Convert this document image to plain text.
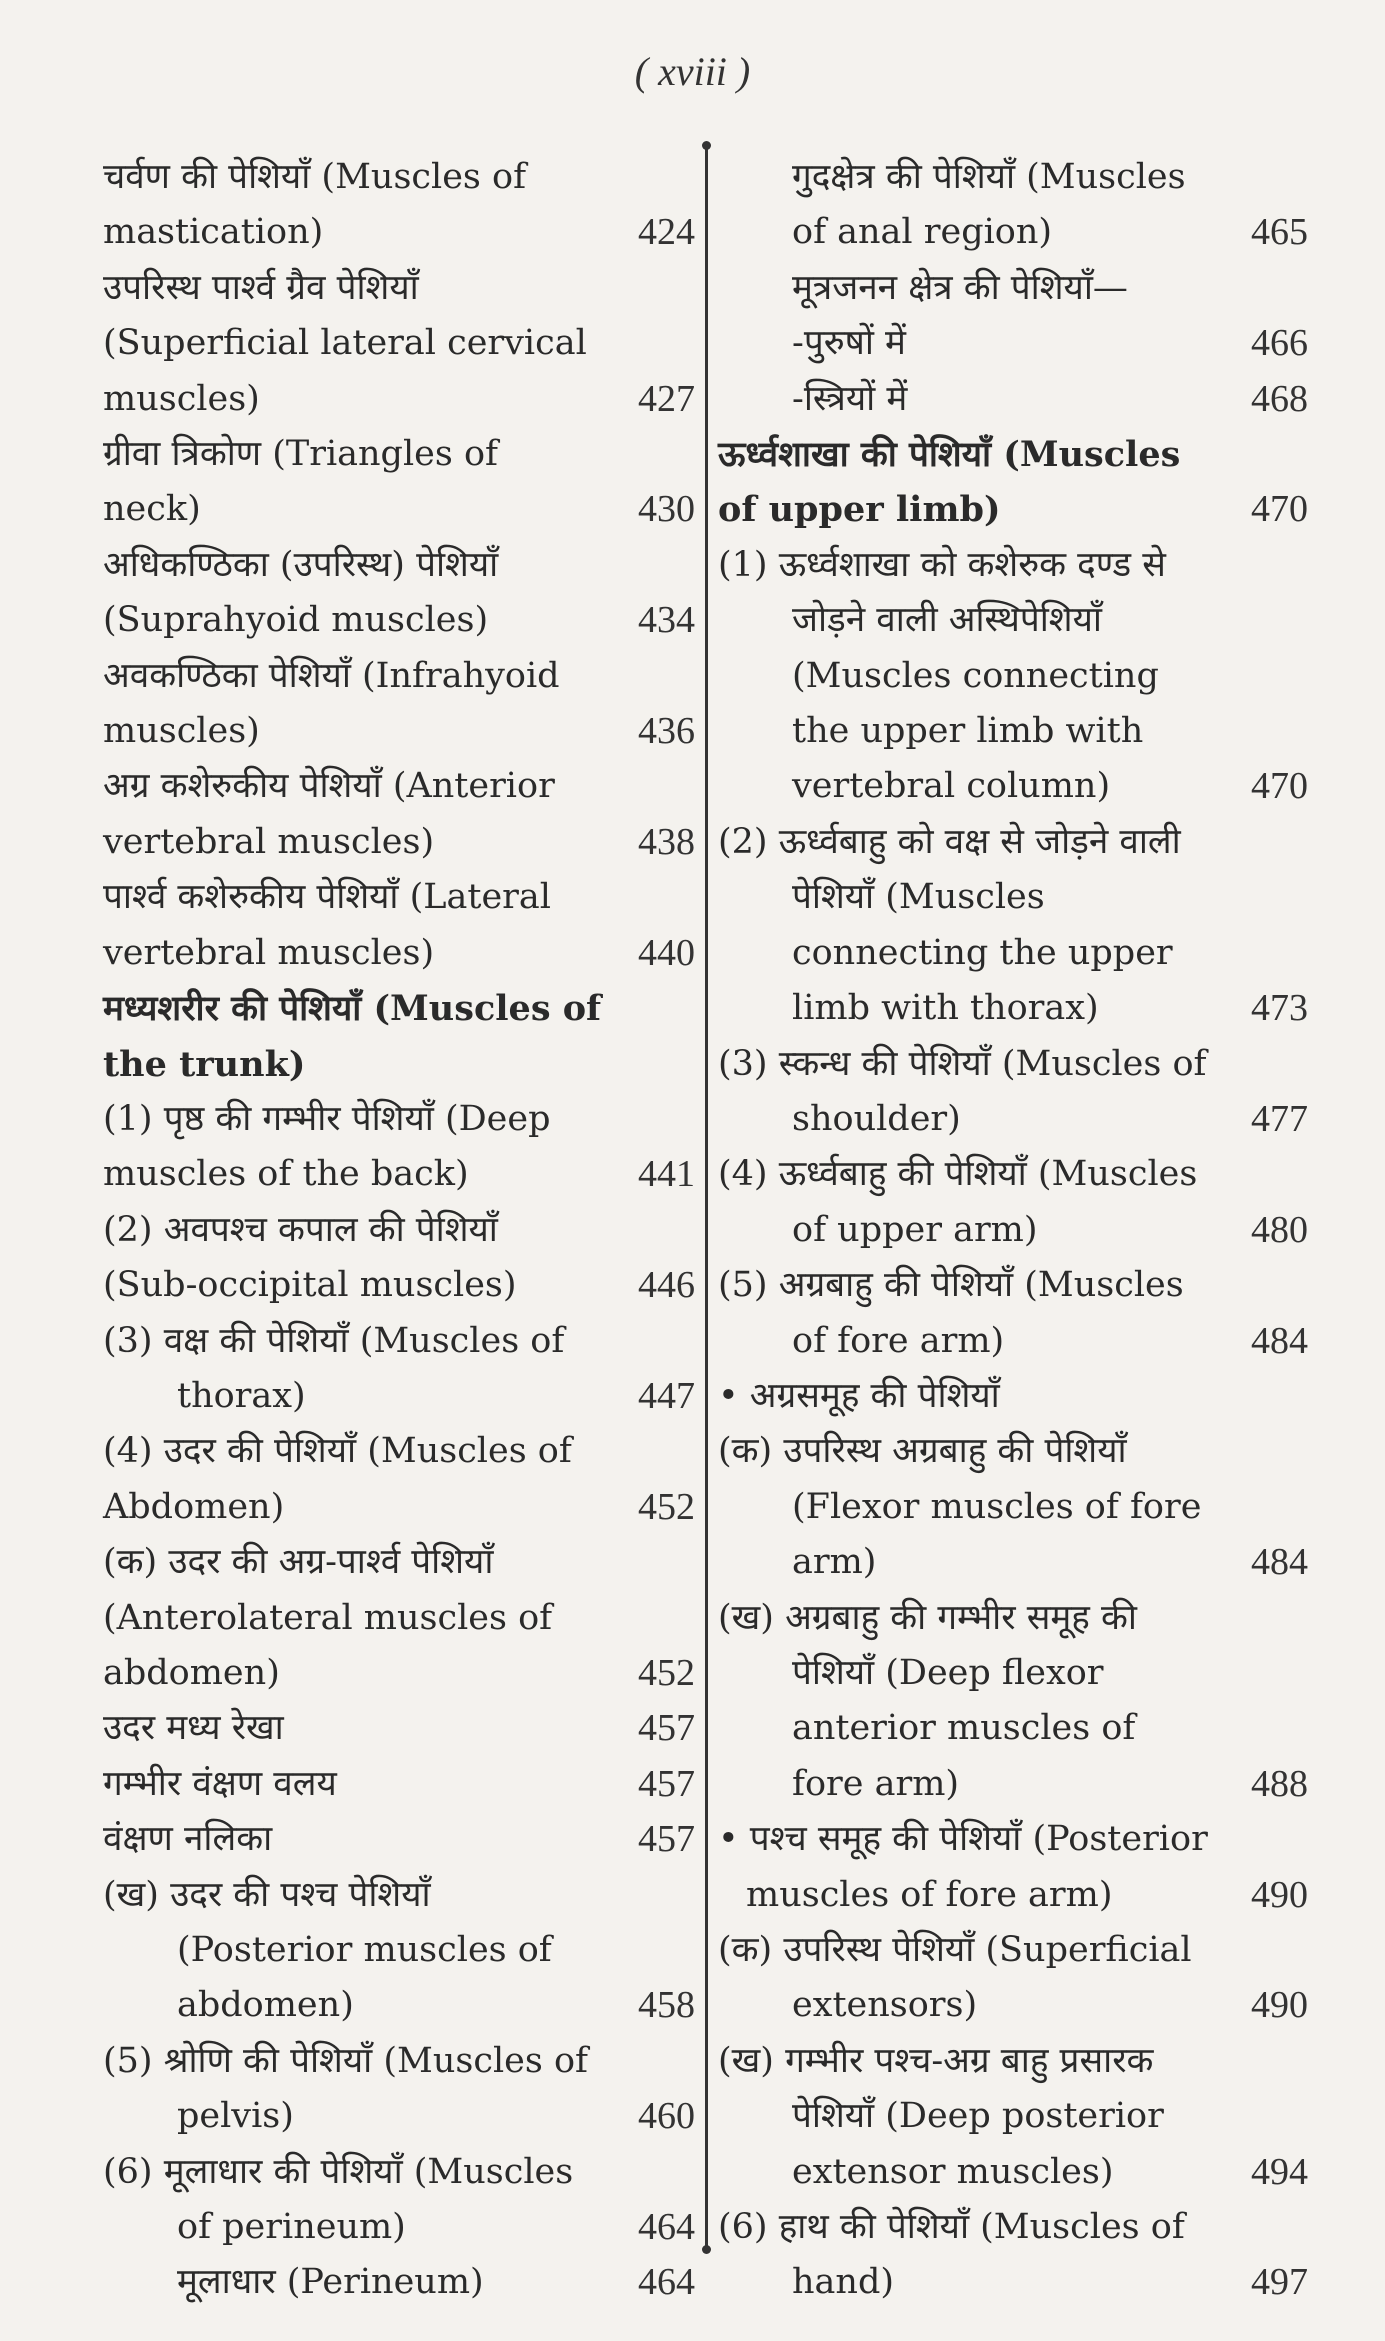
( xviii )
चर्वण की पेशियाँ (Muscles of mastication)	424
उपरिस्थ पार्श्व ग्रैव पेशियाँ (Superficial lateral cervical muscles)	427
ग्रीवा त्रिकोण (Triangles of neck)	430
अधिकण्ठिका (उपरिस्थ) पेशियाँ (Suprahyoid muscles)	434
अवकण्ठिका पेशियाँ (Infrahyoid muscles)	436
अग्र कशेरुकीय पेशियाँ (Anterior vertebral muscles)	438
पार्श्व कशेरुकीय पेशियाँ (Lateral vertebral muscles)	440
मध्यशरीर की पेशियाँ (Muscles of the trunk)
(1) पृष्ठ की गम्भीर पेशियाँ (Deep muscles of the back)	441
(2) अवपश्च कपाल की पेशियाँ (Sub-occipital muscles)	446
(3) वक्ष की पेशियाँ (Muscles of thorax)	447
(4) उदर की पेशियाँ (Muscles of Abdomen)	452
(क) उदर की अग्र-पार्श्व पेशियाँ (Anterolateral muscles of abdomen)	452
उदर मध्य रेखा	457
गम्भीर वंक्षण वलय	457
वंक्षण नलिका	457
(ख) उदर की पश्च पेशियाँ (Posterior muscles of abdomen)	458
(5) श्रोणि की पेशियाँ (Muscles of pelvis)	460
(6) मूलाधार की पेशियाँ (Muscles of perineum)	464
मूलाधार (Perineum)	464
गुदक्षेत्र की पेशियाँ (Muscles of anal region)	465
मूत्रजनन क्षेत्र की पेशियाँ—
-पुरुषों में	466
-स्त्रियों में	468
ऊर्ध्वशाखा की पेशियाँ (Muscles of upper limb)	470
(1) ऊर्ध्वशाखा को कशेरुक दण्ड से जोड़ने वाली अस्थिपेशियाँ (Muscles connecting the upper limb with vertebral column)	470
(2) ऊर्ध्वबाहु को वक्ष से जोड़ने वाली पेशियाँ (Muscles connecting the upper limb with thorax)	473
(3) स्कन्ध की पेशियाँ (Muscles of shoulder)	477
(4) ऊर्ध्वबाहु की पेशियाँ (Muscles of upper arm)	480
(5) अग्रबाहु की पेशियाँ (Muscles of fore arm)	484
• अग्रसमूह की पेशियाँ
(क) उपरिस्थ अग्रबाहु की पेशियाँ (Flexor muscles of fore arm)	484
(ख) अग्रबाहु की गम्भीर समूह की पेशियाँ (Deep flexor anterior muscles of fore arm)	488
• पश्च समूह की पेशियाँ (Posterior muscles of fore arm)	490
(क) उपरिस्थ पेशियाँ (Superficial extensors)	490
(ख) गम्भीर पश्च-अग्र बाहु प्रसारक पेशियाँ (Deep posterior extensor muscles)	494
(6) हाथ की पेशियाँ (Muscles of hand)	497
